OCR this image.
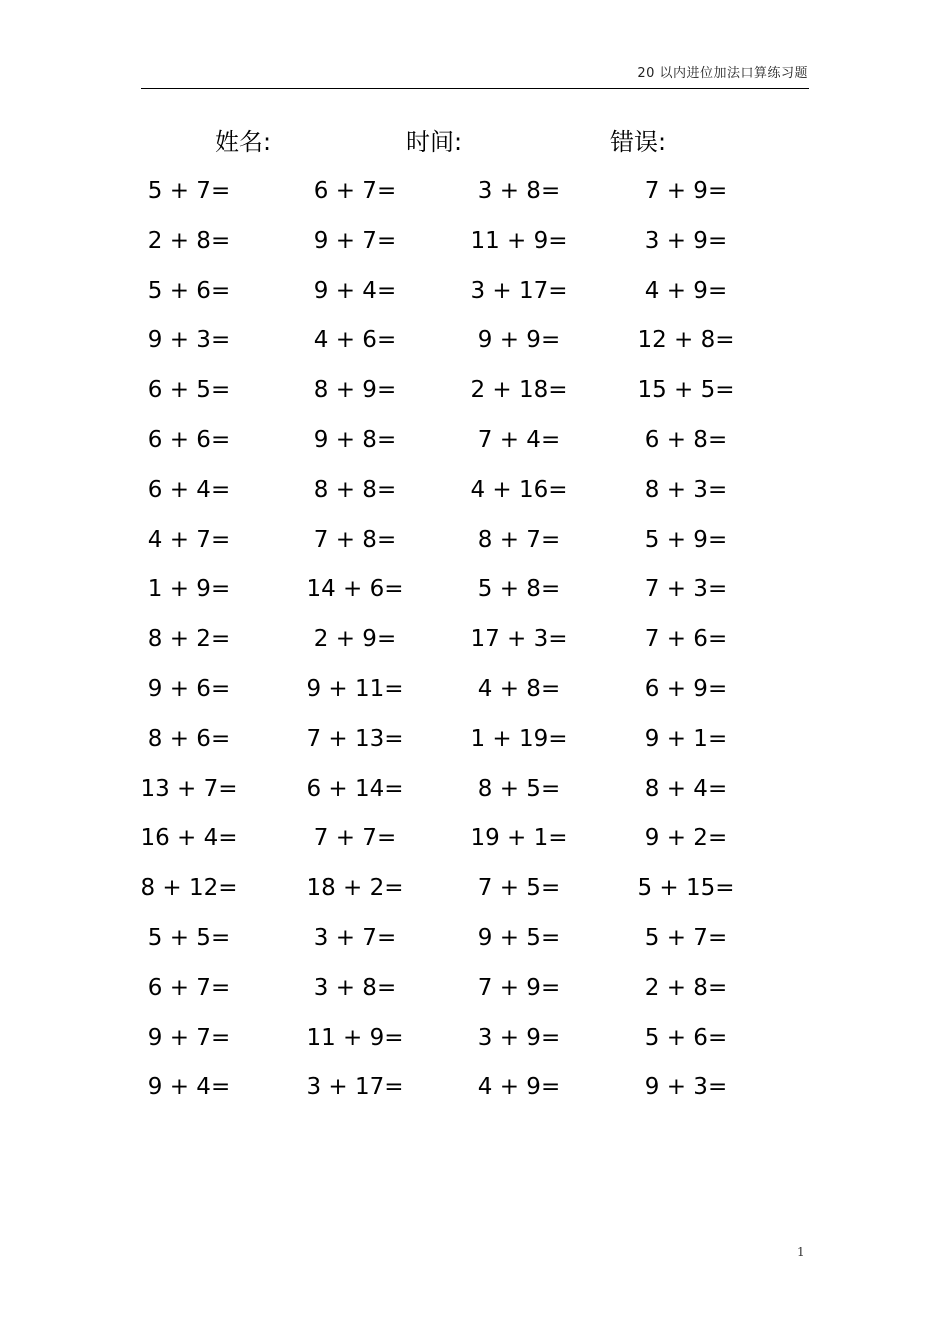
20 以内进位加法口算练习题
姓名:	时间:	错误:
5 + 7=	6 + 7=	3 + 8=	7 + 9=
2 + 8=	9 + 7=	11 + 9=	3 + 9=
5 + 6=	9 + 4=	3 + 17=	4 + 9=
9 + 3=	4 + 6=	9 + 9=	12 + 8=
6 + 5=	8 + 9=	2 + 18=	15 + 5=
6 + 6=	9 + 8=	7 + 4=	6 + 8=
6 + 4=	8 + 8=	4 + 16=	8 + 3=
4 + 7=	7 + 8=	8 + 7=	5 + 9=
1 + 9=	14 + 6=	5 + 8=	7 + 3=
8 + 2=	2 + 9=	17 + 3=	7 + 6=
9 + 6=	9 + 11=	4 + 8=	6 + 9=
8 + 6=	7 + 13=	1 + 19=	9 + 1=
13 + 7=	6 + 14=	8 + 5=	8 + 4=
16 + 4=	7 + 7=	19 + 1=	9 + 2=
8 + 12=	18 + 2=	7 + 5=	5 + 15=
5 + 5=	3 + 7=	9 + 5=	5 + 7=
6 + 7=	3 + 8=	7 + 9=	2 + 8=
9 + 7=	11 + 9=	3 + 9=	5 + 6=
9 + 4=	3 + 17=	4 + 9=	9 + 3=
1
